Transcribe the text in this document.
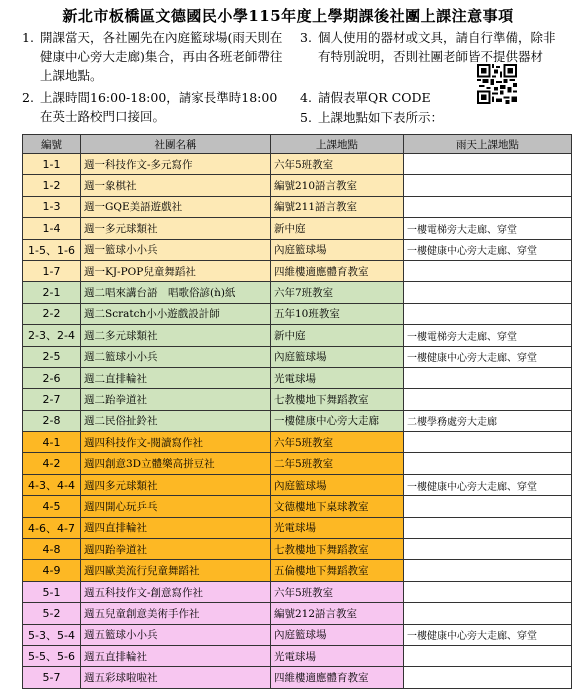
新北市板橋區文德國民小學115年度上學期課後社團上課注意事項
1. 開課當天，各社團先在內庭籃球場(雨天則在健康中心旁大走廊)集合，再由各班老師帶往上課地點。
2. 上課時間16:00-18:00，請家長準時18:00在英士路校門口接回。
3. 個人使用的器材或文具，請自行準備，除非有特別說明，否則社團老師皆不提供器材
4. 請假表單QR CODE
5. 上課地點如下表所示：
編號	社團名稱	上課地點	雨天上課地點
1-1	週一科技作文-多元寫作	六年5班教室	
1-2	週一象棋社	編號210語言教室	
1-3	週一GQE美語遊戲社	編號211語言教室	
1-4	週一多元球類社	新中庭	一樓電梯旁大走廊、穿堂
1-5、1-6	週一籃球小小兵	內庭籃球場	一樓健康中心旁大走廊、穿堂
1-7	週一KJ-POP兒童舞蹈社	四維樓適應體育教室	
2-1	週二唱來講台語　唱歌俗諺(ǹ)紙	六年7班教室	
2-2	週二Scratch小小遊戲設計師	五年10班教室	
2-3、2-4	週二多元球類社	新中庭	一樓電梯旁大走廊、穿堂
2-5	週二籃球小小兵	內庭籃球場	一樓健康中心旁大走廊、穿堂
2-6	週二直排輪社	光電球場	
2-7	週二跆拳道社	七教樓地下舞蹈教室	
2-8	週二民俗扯鈴社	一樓健康中心旁大走廊	二樓學務處旁大走廊
4-1	週四科技作文-閱讀寫作社	六年5班教室	
4-2	週四創意3D立體樂高拼豆社	二年5班教室	
4-3、4-4	週四多元球類社	內庭籃球場	一樓健康中心旁大走廊、穿堂
4-5	週四開心玩乒乓	文德樓地下桌球教室	
4-6、4-7	週四直排輪社	光電球場	
4-8	週四跆拳道社	七教樓地下舞蹈教室	
4-9	週四歐美流行兒童舞蹈社	五倫樓地下舞蹈教室	
5-1	週五科技作文-創意寫作社	六年5班教室	
5-2	週五兒童創意美術手作社	編號212語言教室	
5-3、5-4	週五籃球小小兵	內庭籃球場	一樓健康中心旁大走廊、穿堂
5-5、5-6	週五直排輪社	光電球場	
5-7	週五彩球啦啦社	四維樓適應體育教室	
